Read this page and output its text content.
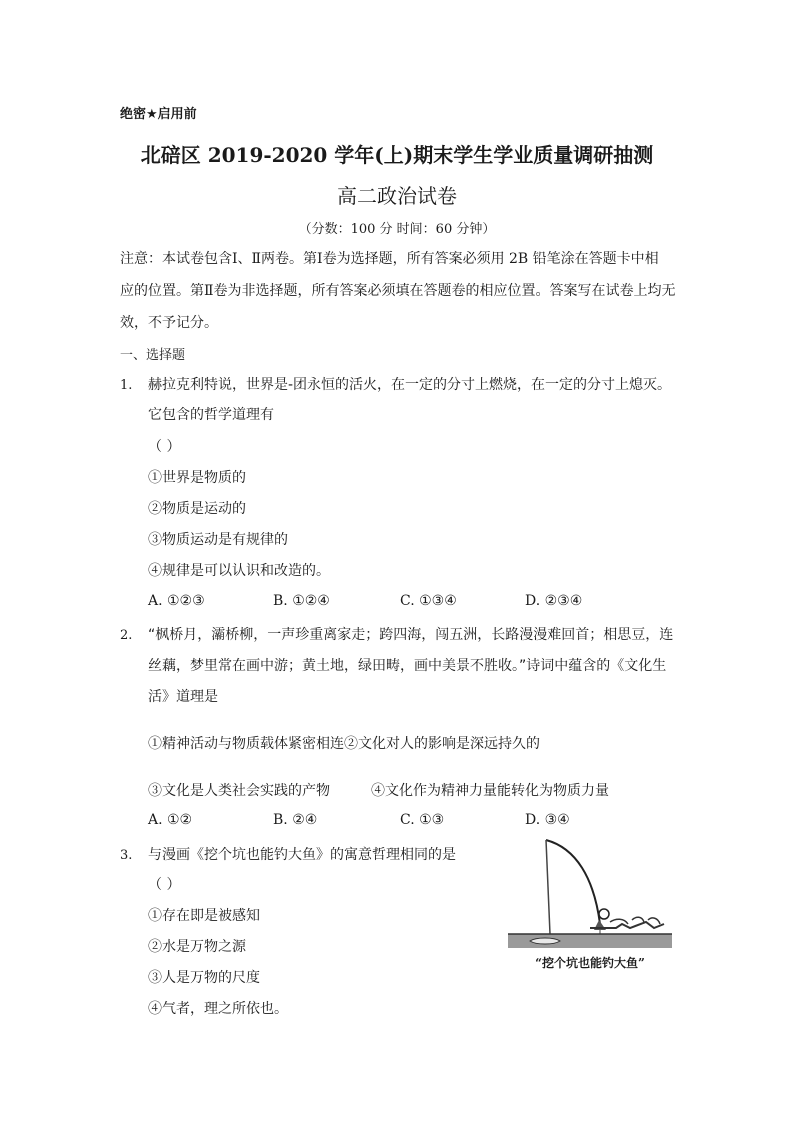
绝密★启用前
北碚区 2019-2020 学年(上)期末学生学业质量调研抽测
高二政治试卷
（分数：100 分 时间：60 分钟）
注意：本试卷包含Ⅰ、Ⅱ两卷。第Ⅰ卷为选择题，所有答案必须用 2B 铅笔涂在答题卡中相
应的位置。第Ⅱ卷为非选择题，所有答案必须填在答题卷的相应位置。答案写在试卷上均无
效，不予记分。
一、选择题
1. 赫拉克利特说，世界是-团永恒的活火，在一定的分寸上燃烧，在一定的分寸上熄灭。
它包含的哲学道理有
（ ）
①世界是物质的
②物质是运动的
③物质运动是有规律的
④规律是可以认识和改造的。
A. ①②③	B. ①②④	C. ①③④	D. ②③④
2. “枫桥月，灞桥柳，一声珍重离家走；跨四海，闯五洲，长路漫漫难回首；相思豆，连
丝藕，梦里常在画中游；黄土地，绿田畴，画中美景不胜收。”诗词中蕴含的《文化生
活》道理是
①精神活动与物质载体紧密相连②文化对人的影响是深远持久的
③文化是人类社会实践的产物	④文化作为精神力量能转化为物质力量
A. ①②	B. ②④	C. ①③	D. ③④
3. 与漫画《挖个坑也能钓大鱼》的寓意哲理相同的是
（ ）
①存在即是被感知
②水是万物之源
③人是万物的尺度
④气者，理之所依也。
“挖个坑也能钓大鱼”
